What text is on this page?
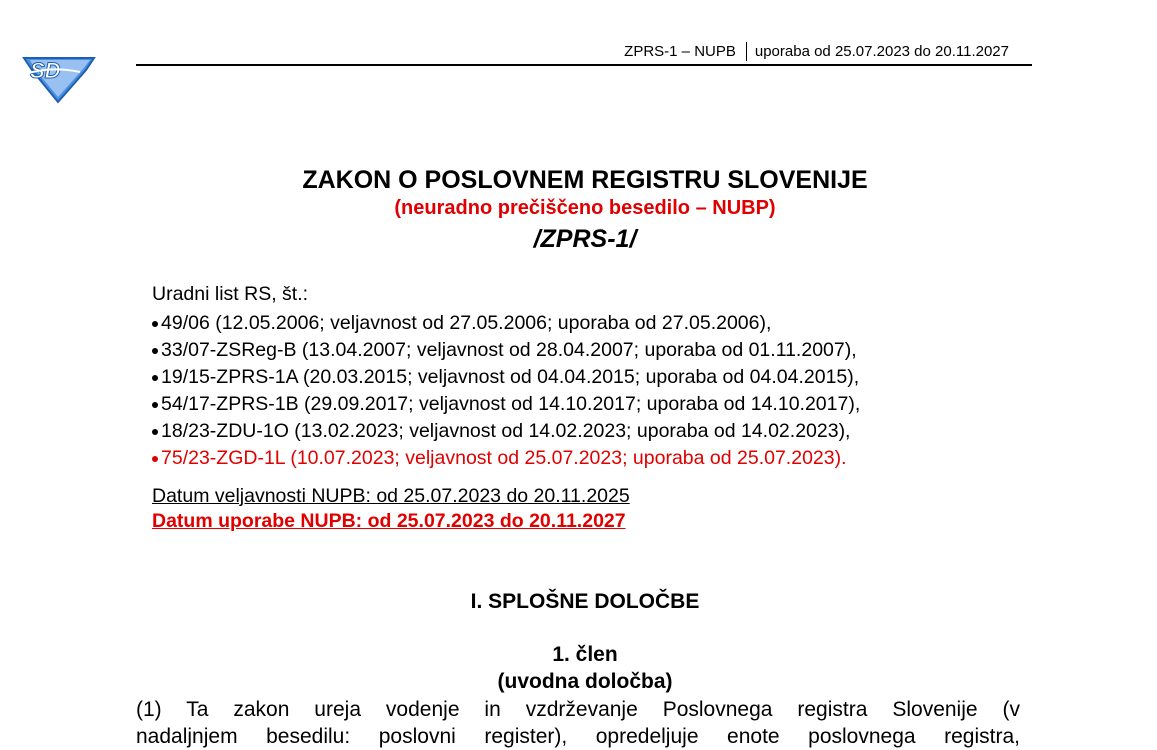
SD
ZPRS-1 – NUPB uporaba od 25.07.2023 do 20.11.2027
ZAKON O POSLOVNEM REGISTRU SLOVENIJE
(neuradno prečiščeno besedilo – NUBP)
/ZPRS-1/
Uradni list RS, št.:
49/06 (12.05.2006; veljavnost od 27.05.2006; uporaba od 27.05.2006),
33/07-ZSReg-B (13.04.2007; veljavnost od 28.04.2007; uporaba od 01.11.2007),
19/15-ZPRS-1A (20.03.2015; veljavnost od 04.04.2015; uporaba od 04.04.2015),
54/17-ZPRS-1B (29.09.2017; veljavnost od 14.10.2017; uporaba od 14.10.2017),
18/23-ZDU-1O (13.02.2023; veljavnost od 14.02.2023; uporaba od 14.02.2023),
75/23-ZGD-1L (10.07.2023; veljavnost od 25.07.2023; uporaba od 25.07.2023).
Datum veljavnosti NUPB: od 25.07.2023 do 20.11.2025
Datum uporabe NUPB: od 25.07.2023 do 20.11.2027
I. SPLOŠNE DOLOČBE
1. člen
(uvodna določba)
(1) Ta zakon ureja vodenje in vzdrževanje Poslovnega registra Slovenije (v
nadaljnjem besedilu: poslovni register), opredeljuje enote poslovnega registra,
